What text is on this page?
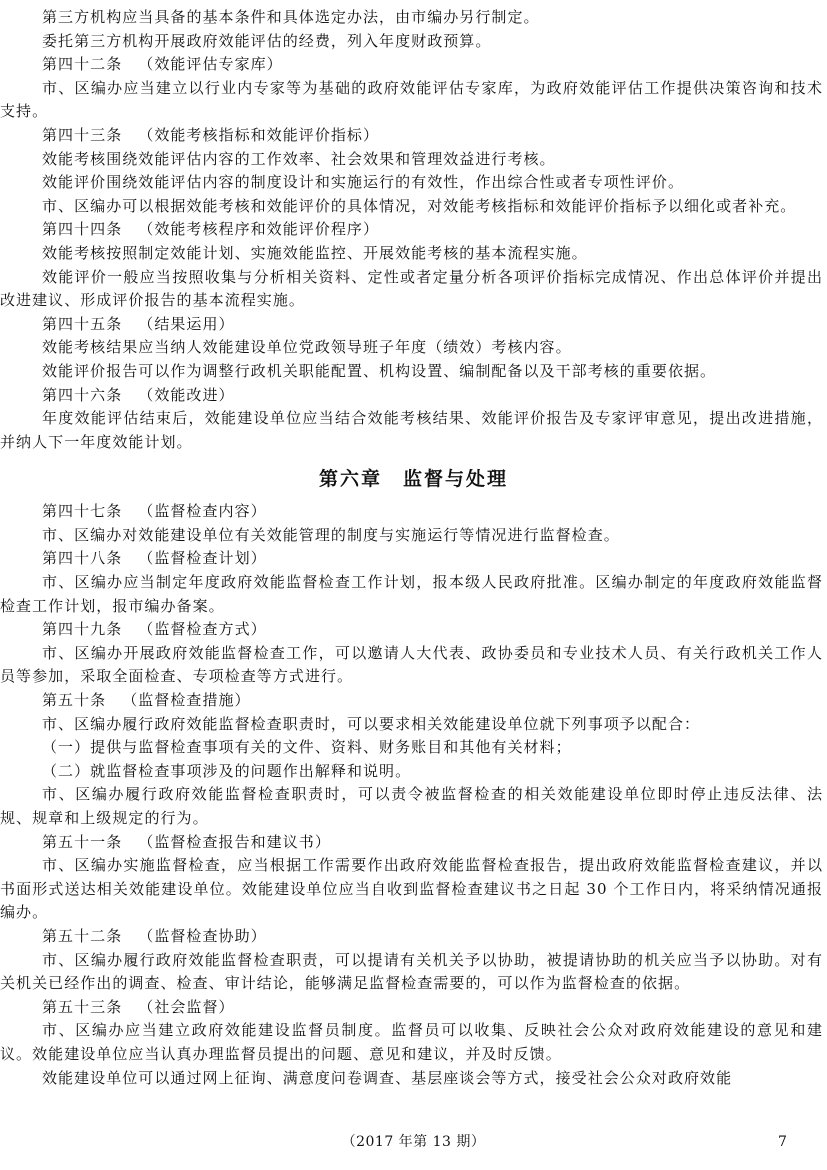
第三方机构应当具备的基本条件和具体选定办法，由市编办另行制定。

委托第三方机构开展政府效能评估的经费，列入年度财政预算。

第四十二条 （效能评估专家库）

市、区编办应当建立以行业内专家等为基础的政府效能评估专家库，为政府效能评估工作提供决策咨询和技术支持。

第四十三条 （效能考核指标和效能评价指标）

效能考核围绕效能评估内容的工作效率、社会效果和管理效益进行考核。

效能评价围绕效能评估内容的制度设计和实施运行的有效性，作出综合性或者专项性评价。

市、区编办可以根据效能考核和效能评价的具体情况，对效能考核指标和效能评价指标予以细化或者补充。

第四十四条 （效能考核程序和效能评价程序）

效能考核按照制定效能计划、实施效能监控、开展效能考核的基本流程实施。

效能评价一般应当按照收集与分析相关资料、定性或者定量分析各项评价指标完成情况、作出总体评价并提出改进建议、形成评价报告的基本流程实施。

第四十五条 （结果运用）

效能考核结果应当纳人效能建设单位党政领导班子年度（绩效）考核内容。

效能评价报告可以作为调整行政机关职能配置、机构设置、编制配备以及干部考核的重要依据。

第四十六条 （效能改进）

年度效能评估结束后，效能建设单位应当结合效能考核结果、效能评价报告及专家评审意见，提出改进措施，并纳人下一年度效能计划。

第六章　监督与处理
第四十七条 （监督检查内容）

市、区编办对效能建设单位有关效能管理的制度与实施运行等情况进行监督检查。

第四十八条 （监督检查计划）

市、区编办应当制定年度政府效能监督检查工作计划，报本级人民政府批准。区编办制定的年度政府效能监督检查工作计划，报市编办备案。

第四十九条 （监督检查方式）

市、区编办开展政府效能监督检查工作，可以邀请人大代表、政协委员和专业技术人员、有关行政机关工作人员等参加，采取全面检查、专项检查等方式进行。

第五十条 （监督检查措施）

市、区编办履行政府效能监督检查职责时，可以要求相关效能建设单位就下列事项予以配合：

（一）提供与监督检查事项有关的文件、资料、财务账目和其他有关材料；

（二）就监督检查事项涉及的问题作出解释和说明。

市、区编办履行政府效能监督检查职责时，可以责令被监督检查的相关效能建设单位即时停止违反法律、法规、规章和上级规定的行为。

第五十一条 （监督检查报告和建议书）

市、区编办实施监督检查，应当根据工作需要作出政府效能监督检查报告，提出政府效能监督检查建议，并以书面形式送达相关效能建设单位。效能建设单位应当自收到监督检查建议书之日起 30 个工作日内，将采纳情况通报编办。

第五十二条 （监督检查协助）

市、区编办履行政府效能监督检查职责，可以提请有关机关予以协助，被提请协助的机关应当予以协助。对有关机关已经作出的调查、检查、审计结论，能够满足监督检查需要的，可以作为监督检查的依据。

第五十三条 （社会监督）

市、区编办应当建立政府效能建设监督员制度。监督员可以收集、反映社会公众对政府效能建设的意见和建议。效能建设单位应当认真办理监督员提出的问题、意见和建议，并及时反馈。

效能建设单位可以通过网上征询、满意度问卷调查、基层座谈会等方式，接受社会公众对政府效能

（2017 年第 13 期）	7
